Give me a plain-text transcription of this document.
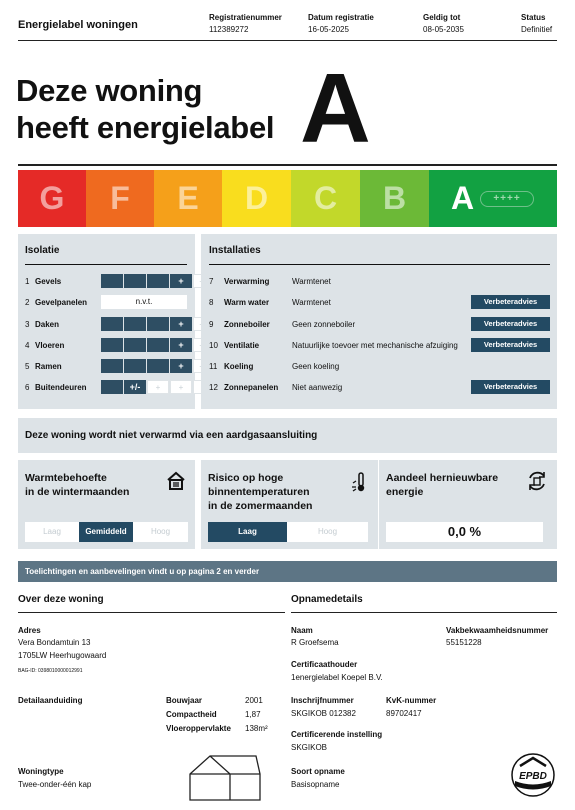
Energielabel woningen
Registratienummer
112389272
Datum registratie
16-05-2025
Geldig tot
08-05-2035
Status
Definitief
Deze woning
heeft energielabel A
G	F	E	D	C	B	A	++++
Isolatie
1 Gevels	+
2 Gevelpanelen	n.v.t.
3 Daken	+
4 Vloeren	+
5 Ramen	+
6 Buitendeuren	+/-	+	+
Installaties
7 Verwarming	Warmtenet
8 Warm water	Warmtenet	Verbeteradvies
9 Zonneboiler	Geen zonneboiler	Verbeteradvies
10 Ventilatie	Natuurlijke toevoer met mechanische afzuiging	Verbeteradvies
11 Koeling	Geen koeling
12 Zonnepanelen Niet aanwezig	Verbeteradvies
Deze woning wordt niet verwarmd via een aardgasaansluiting
Warmtebehoefte
in de wintermaanden
Laag	Gemiddeld	Hoog
Risico op hoge
binnentemperaturen
in de zomermaanden
Laag	Hoog
Aandeel hernieuwbare
energie
0,0 %
Toelichtingen en aanbevelingen vindt u op pagina 2 en verder
Over deze woning
Adres
Vera Bondamtuin 13
1705LW Heerhugowaard
BAG-ID: 0398010000012991
Detailaanduiding	Bouwjaar	2001
Compactheid	1,87
Vloeroppervlakte 138m²
Woningtype
Twee-onder-één kap
Opnamedetails
Naam
R Groefsema
Vakbekwaamheidsnummer
55151228
Certificaathouder
1energielabel Koepel B.V.
Inschrijfnummer
SKGIKOB 012382
KvK-nummer
89702417
Certificerende instelling
SKGIKOB
Soort opname
Basisopname
EPBD
